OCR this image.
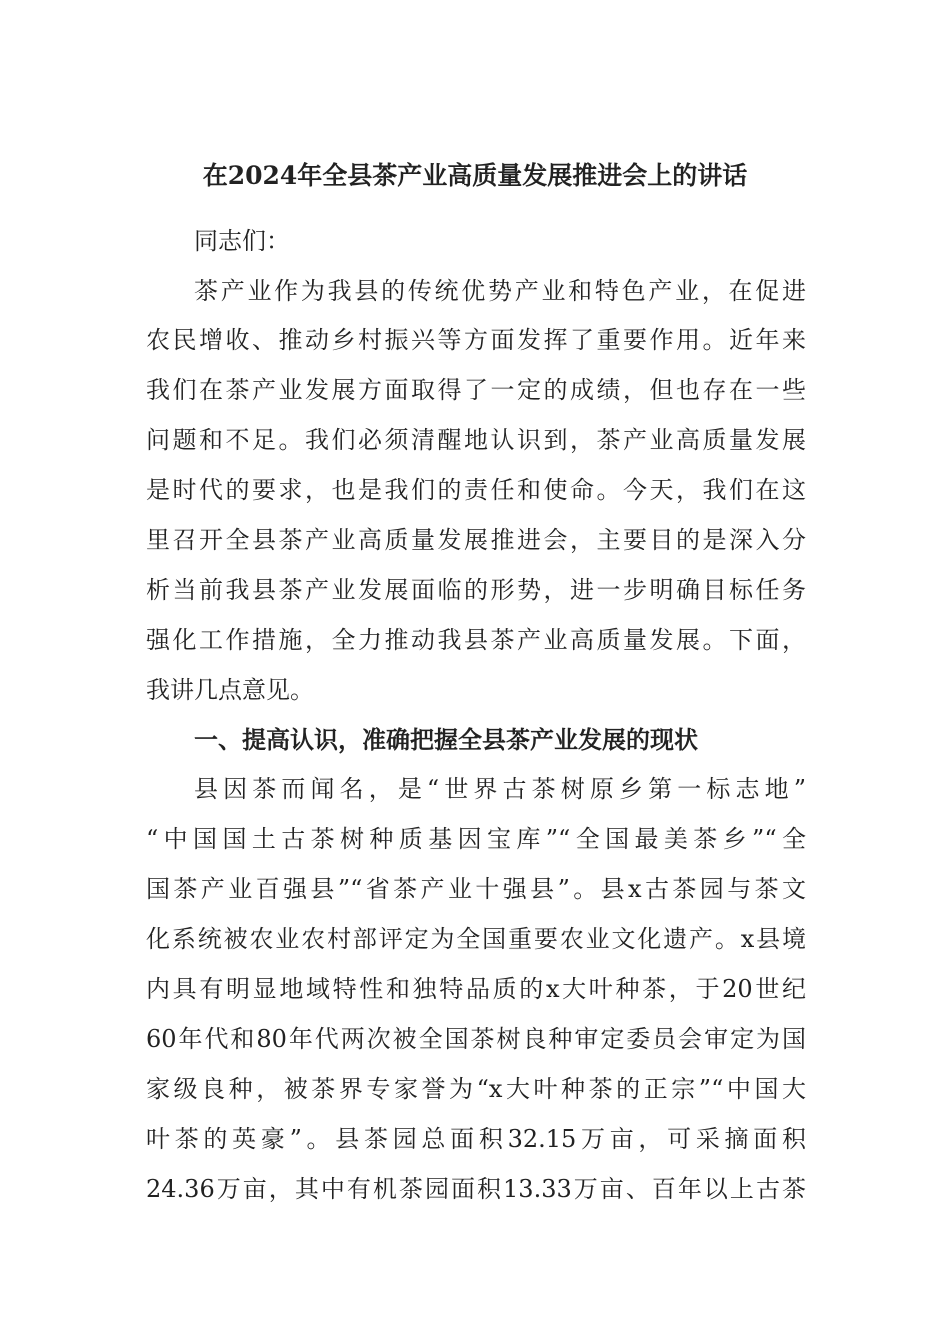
在2024年全县茶产业高质量发展推进会上的讲话
同志们：
茶产业作为我县的传统优势产业和特色产业，在促进
农民增收、推动乡村振兴等方面发挥了重要作用。近年来
我们在茶产业发展方面取得了一定的成绩，但也存在一些
问题和不足。我们必须清醒地认识到，茶产业高质量发展
是时代的要求，也是我们的责任和使命。今天，我们在这
里召开全县茶产业高质量发展推进会，主要目的是深入分
析当前我县茶产业发展面临的形势，进一步明确目标任务
强化工作措施，全力推动我县茶产业高质量发展。下面，
我讲几点意见。
一、提高认识，准确把握全县茶产业发展的现状
县因茶而闻名，是“世界古茶树原乡第一标志地”
“中国国土古茶树种质基因宝库”“全国最美茶乡”“全
国茶产业百强县”“省茶产业十强县”。县x古茶园与茶文
化系统被农业农村部评定为全国重要农业文化遗产。x县境
内具有明显地域特性和独特品质的x大叶种茶，于20世纪
60年代和80年代两次被全国茶树良种审定委员会审定为国
家级良种，被茶界专家誉为“x大叶种茶的正宗”“中国大
叶茶的英豪”。县茶园总面积32.15万亩，可采摘面积
24.36万亩，其中有机茶园面积13.33万亩、百年以上古茶
